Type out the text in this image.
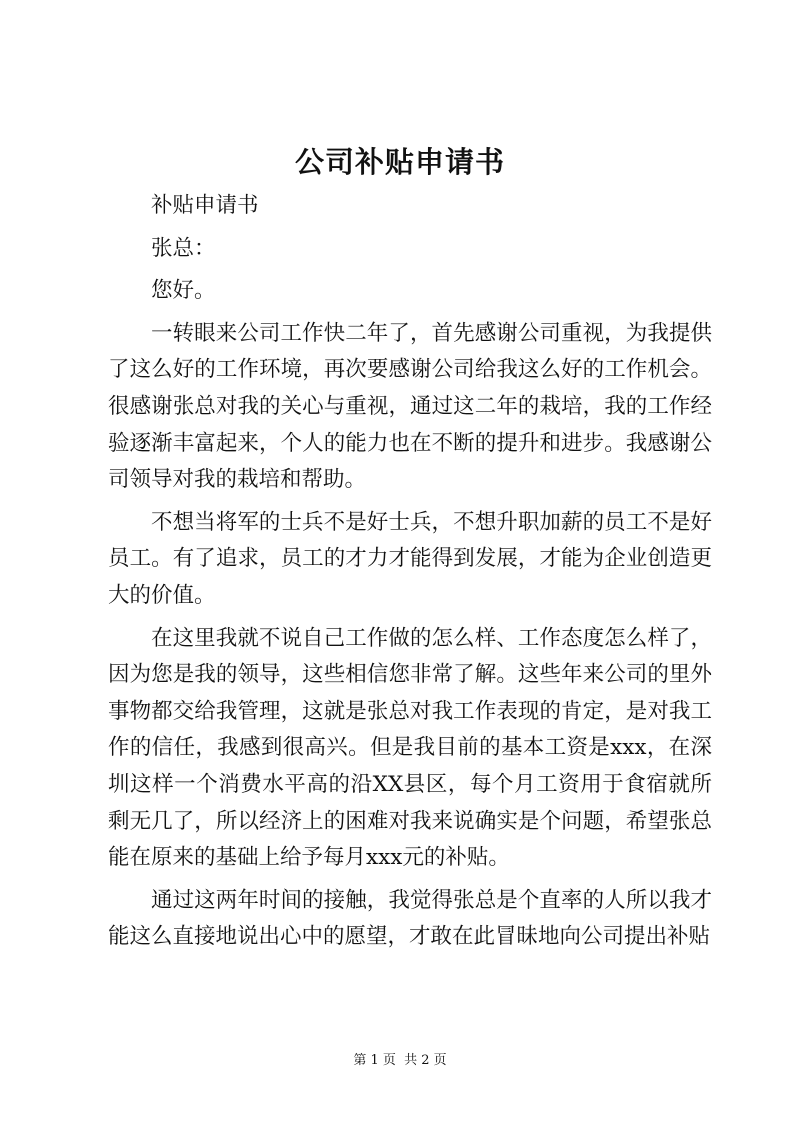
公司补贴申请书

补贴申请书

张总：

您好。

一转眼来公司工作快二年了，首先感谢公司重视，为我提供了这么好的工作环境，再次要感谢公司给我这么好的工作机会。很感谢张总对我的关心与重视，通过这二年的栽培，我的工作经验逐渐丰富起来，个人的能力也在不断的提升和进步。我感谢公司领导对我的栽培和帮助。

不想当将军的士兵不是好士兵，不想升职加薪的员工不是好员工。有了追求，员工的才力才能得到发展，才能为企业创造更大的价值。

在这里我就不说自己工作做的怎么样、工作态度怎么样了，因为您是我的领导，这些相信您非常了解。这些年来公司的里外事物都交给我管理，这就是张总对我工作表现的肯定，是对我工作的信任，我感到很高兴。但是我目前的基本工资是xxx，在深圳这样一个消费水平高的沿XX县区，每个月工资用于食宿就所剩无几了，所以经济上的困难对我来说确实是个问题，希望张总能在原来的基础上给予每月xxx元的补贴。

通过这两年时间的接触，我觉得张总是个直率的人所以我才能这么直接地说出心中的愿望，才敢在此冒昧地向公司提出补贴

第 1 页 共 2 页
